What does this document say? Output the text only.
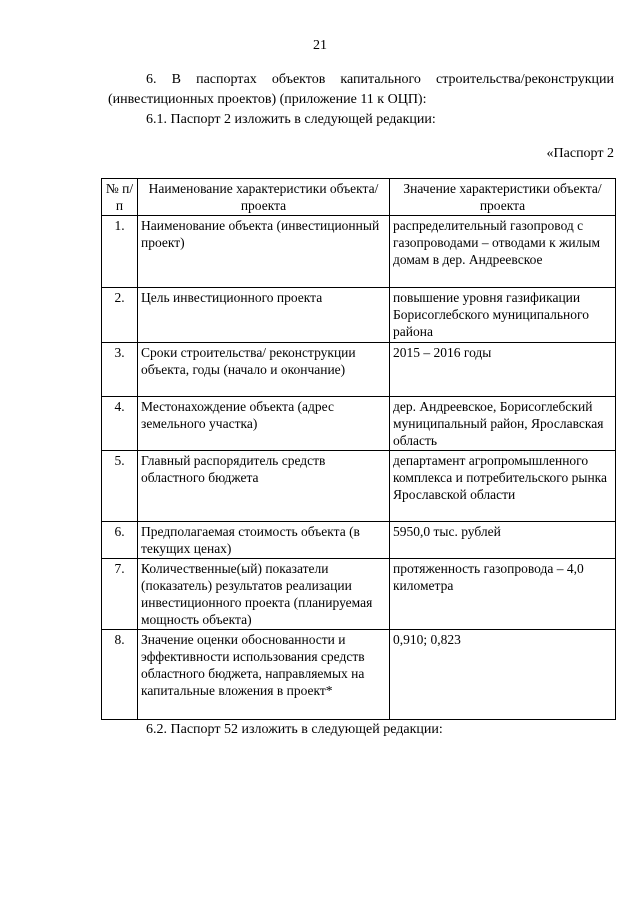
21

6. В паспортах объектов капитального строительства/реконструкции (инвестиционных проектов) (приложение 11 к ОЦП):

6.1. Паспорт 2 изложить в следующей редакции:

«Паспорт 2

№ п/п	Наименование характеристики объекта/проекта	Значение характеристики объекта/проекта
1.	Наименование объекта (инвестиционный проект)	распределительный газопровод с газопроводами – отводами к жилым домам в дер. Андреевское
2.	Цель инвестиционного проекта	повышение уровня газификации Борисоглебского муниципального района
3.	Сроки строительства/ реконструкции объекта, годы (начало и окончание)	2015 – 2016 годы
4.	Местонахождение объекта (адрес земельного участка)	дер. Андреевское, Борисоглебский муниципальный район, Ярославская область
5.	Главный распорядитель средств областного бюджета	департамент агропромышленного комплекса и потребительского рынка Ярославской области
6.	Предполагаемая стоимость объекта (в текущих ценах)	5950,0 тыс. рублей
7.	Количественные(ый) показатели (показатель) результатов реализации инвестиционного проекта (планируемая мощность объекта)	протяженность газопровода – 4,0 километра
8.	Значение оценки обоснованности и эффективности использования средств областного бюджета, направляемых на капитальные вложения в проект*	0,910; 0,823

6.2. Паспорт 52 изложить в следующей редакции:
